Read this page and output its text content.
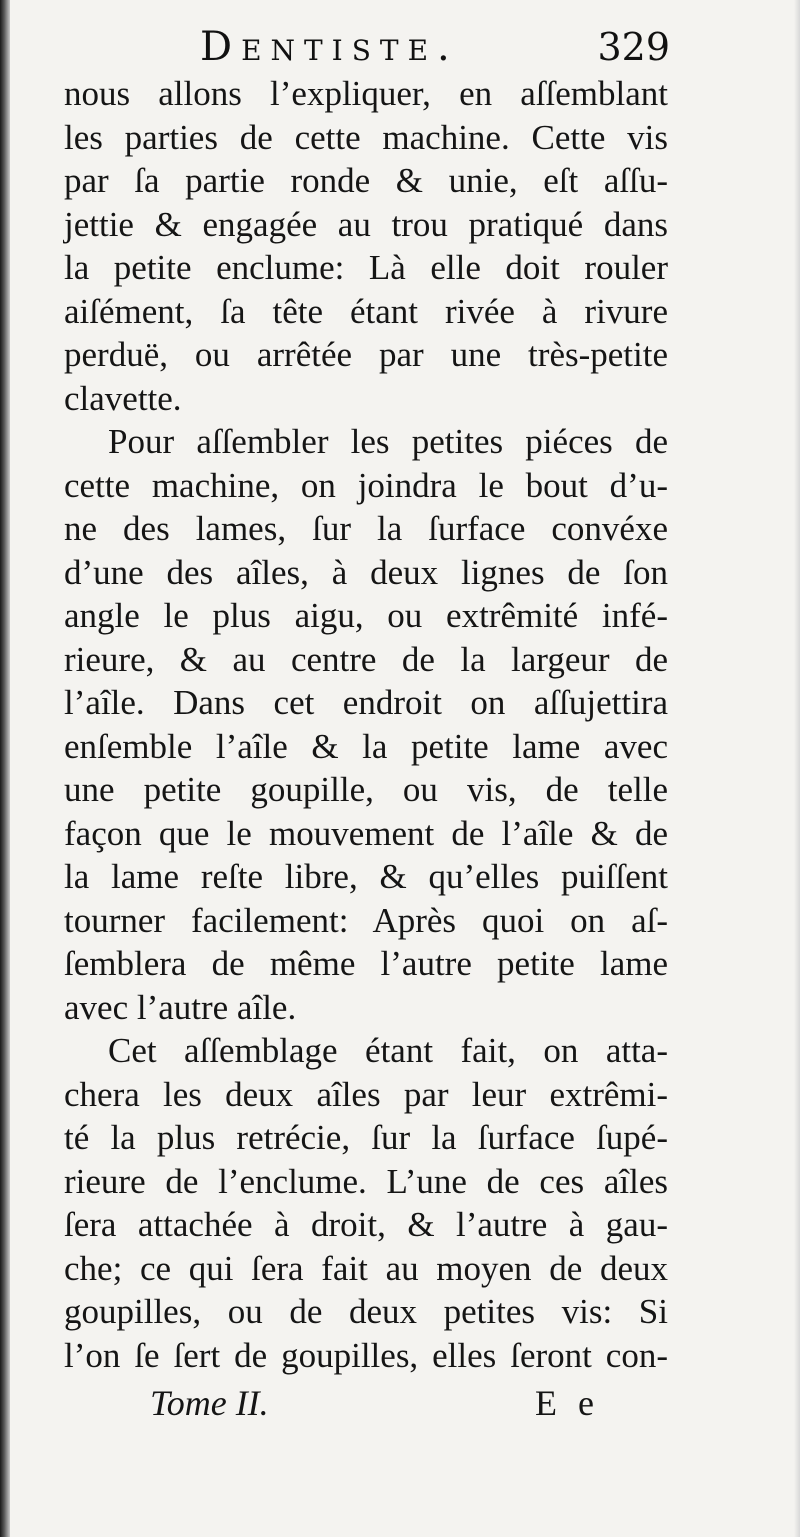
Dentiste.	329
nous allons l’expliquer, en aſſemblant
les parties de cette machine. Cette vis
par ſa partie ronde & unie, eſt aſſu-
jettie & engagée au trou pratiqué dans
la petite enclume: Là elle doit rouler
aiſément, ſa tête étant rivée à rivure
perduë, ou arrêtée par une très-petite
clavette.
Pour aſſembler les petites piéces de
cette machine, on joindra le bout d’u-
ne des lames, ſur la ſurface convéxe
d’une des aîles, à deux lignes de ſon
angle le plus aigu, ou extrêmité infé-
rieure, & au centre de la largeur de
l’aîle. Dans cet endroit on aſſujettira
enſemble l’aîle & la petite lame avec
une petite goupille, ou vis, de telle
façon que le mouvement de l’aîle & de
la lame reſte libre, & qu’elles puiſſent
tourner facilement: Après quoi on aſ-
ſemblera de même l’autre petite lame
avec l’autre aîle.
Cet aſſemblage étant fait, on atta-
chera les deux aîles par leur extrêmi-
té la plus retrécie, ſur la ſurface ſupé-
rieure de l’enclume. L’une de ces aîles
ſera attachée à droit, & l’autre à gau-
che; ce qui ſera fait au moyen de deux
goupilles, ou de deux petites vis: Si
l’on ſe ſert de goupilles, elles ſeront con-
Tome II.	E e
